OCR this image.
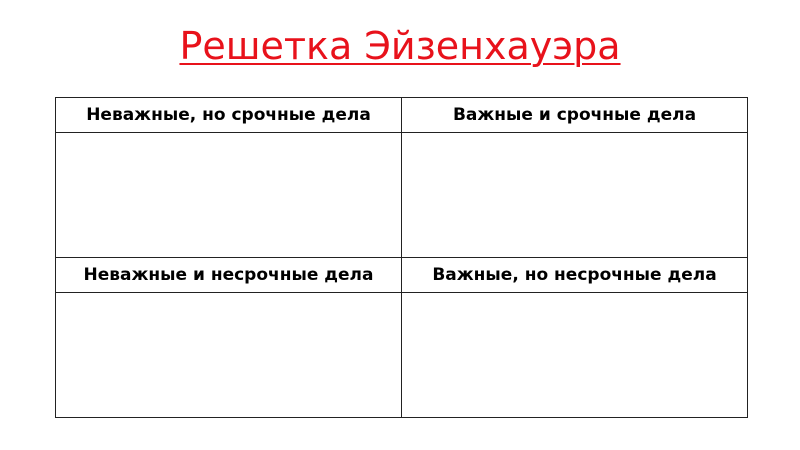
Решетка Эйзенхауэра
Неважные, но срочные дела	Важные и срочные дела

Неважные и несрочные дела	Важные, но несрочные дела
